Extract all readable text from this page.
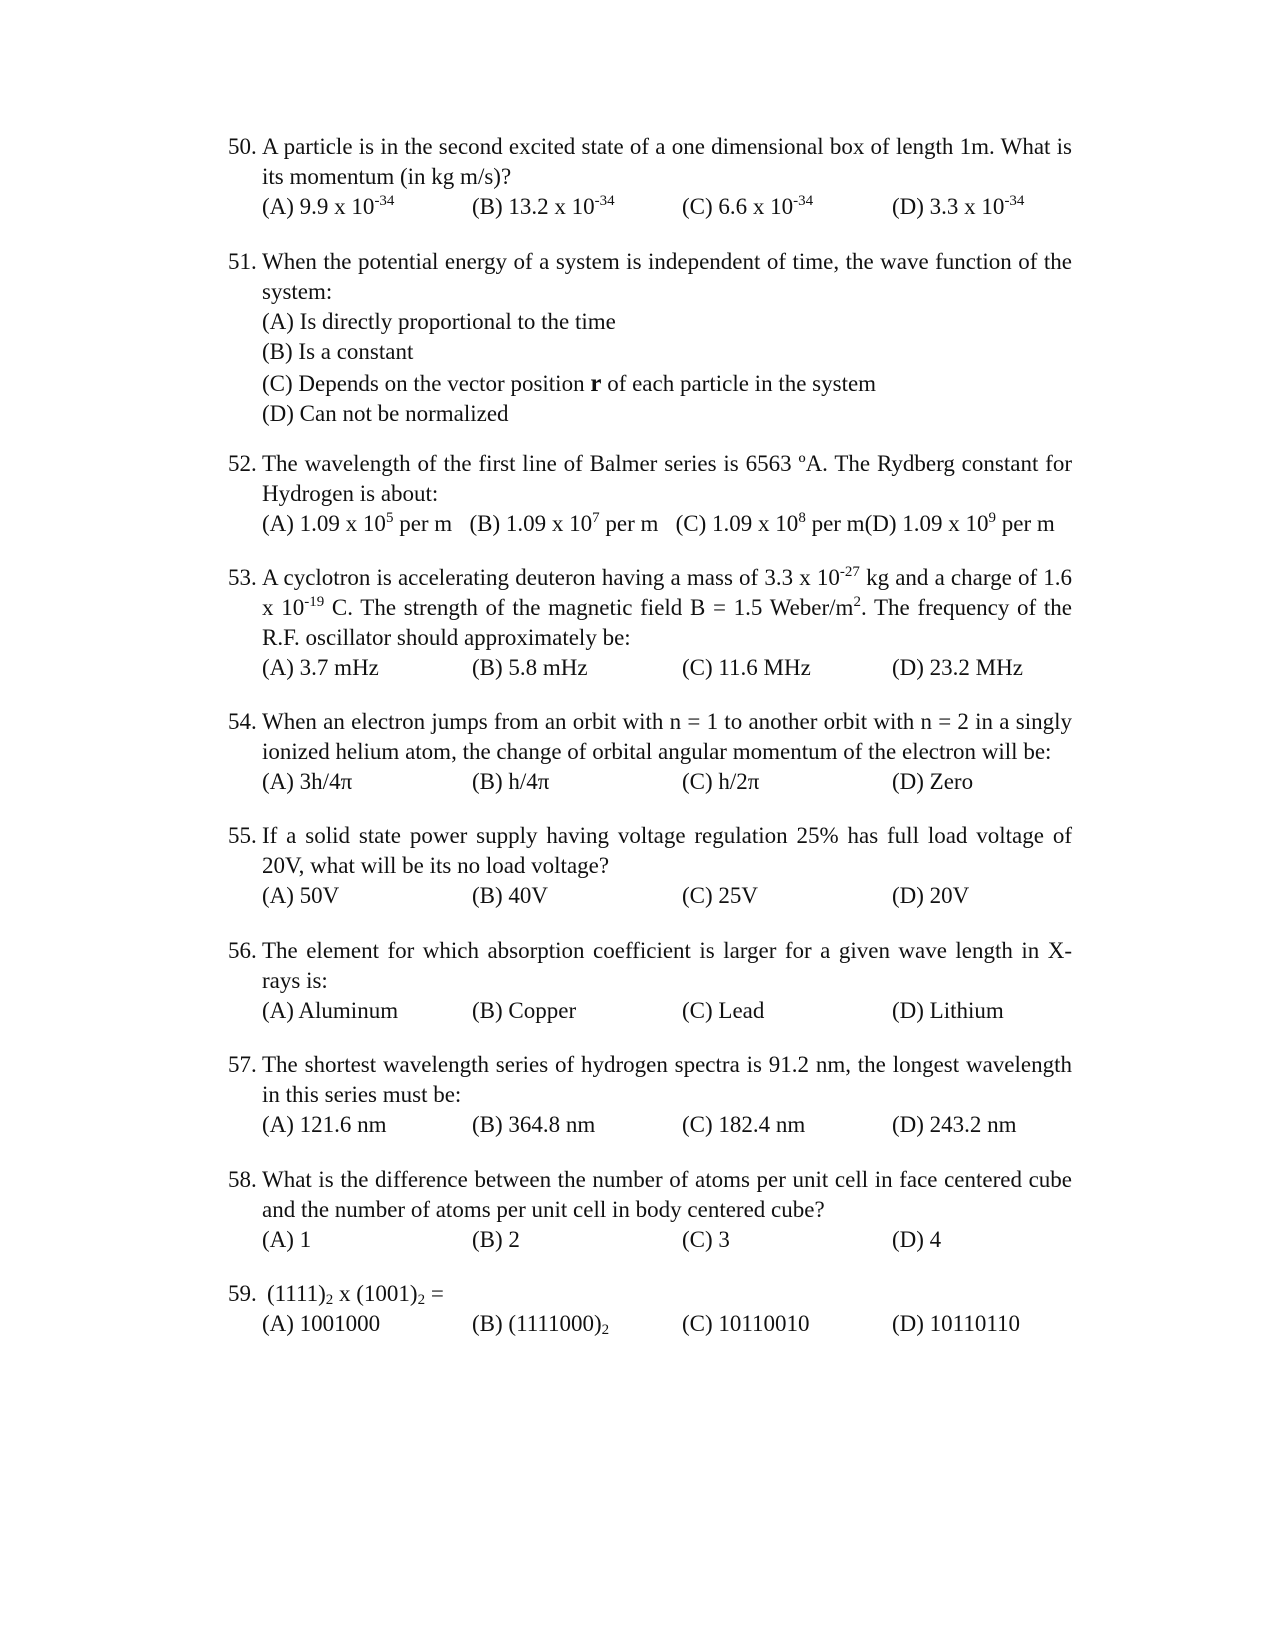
50. A particle is in the second excited state of a one dimensional box of length 1m. What is its momentum (in kg m/s)?
(A) 9.9 x $10^{-34}$	(B) 13.2 x $10^{-34}$	(C) 6.6 x $10^{-34}$	(D) 3.3 x $10^{-34}$
51. When the potential energy of a system is independent of time, the wave function of the system:
(A) Is directly proportional to the time
(B) Is a constant
(C) Depends on the vector position r of each particle in the system
(D) Can not be normalized
52. The wavelength of the first line of Balmer series is 6563 ºA. The Rydberg constant for Hydrogen is about:
(A) 1.09 x $10^5$ per m (B) 1.09 x $10^7$ per m (C) 1.09 x $10^8$ per m(D) 1.09 x $10^9$ per m
53. A cyclotron is accelerating deuteron having a mass of 3.3 x $10^{-27}$ kg and a charge of 1.6 x $10^{-19}$ C. The strength of the magnetic field B = 1.5 Weber/$m^2$. The frequency of the R.F. oscillator should approximately be:
(A) 3.7 mHz	(B) 5.8 mHz	(C) 11.6 MHz	(D) 23.2 MHz
54. When an electron jumps from an orbit with n = 1 to another orbit with n = 2 in a singly ionized helium atom, the change of orbital angular momentum of the electron will be:
(A) 3h/4π	(B) h/4π	(C) h/2π	(D) Zero
55. If a solid state power supply having voltage regulation 25% has full load voltage of 20V, what will be its no load voltage?
(A) 50V	(B) 40V	(C) 25V	(D) 20V
56. The element for which absorption coefficient is larger for a given wave length in X-rays is:
(A) Aluminum	(B) Copper	(C) Lead	(D) Lithium
57. The shortest wavelength series of hydrogen spectra is 91.2 nm, the longest wavelength in this series must be:
(A) 121.6 nm	(B) 364.8 nm	(C) 182.4 nm	(D) 243.2 nm
58. What is the difference between the number of atoms per unit cell in face centered cube and the number of atoms per unit cell in body centered cube?
(A) 1	(B) 2	(C) 3	(D) 4
59. $(1111)_2$ x $(1001)_2$ =
(A) 1001000	(B) $(1111000)_2$	(C) 10110010	(D) 10110110
